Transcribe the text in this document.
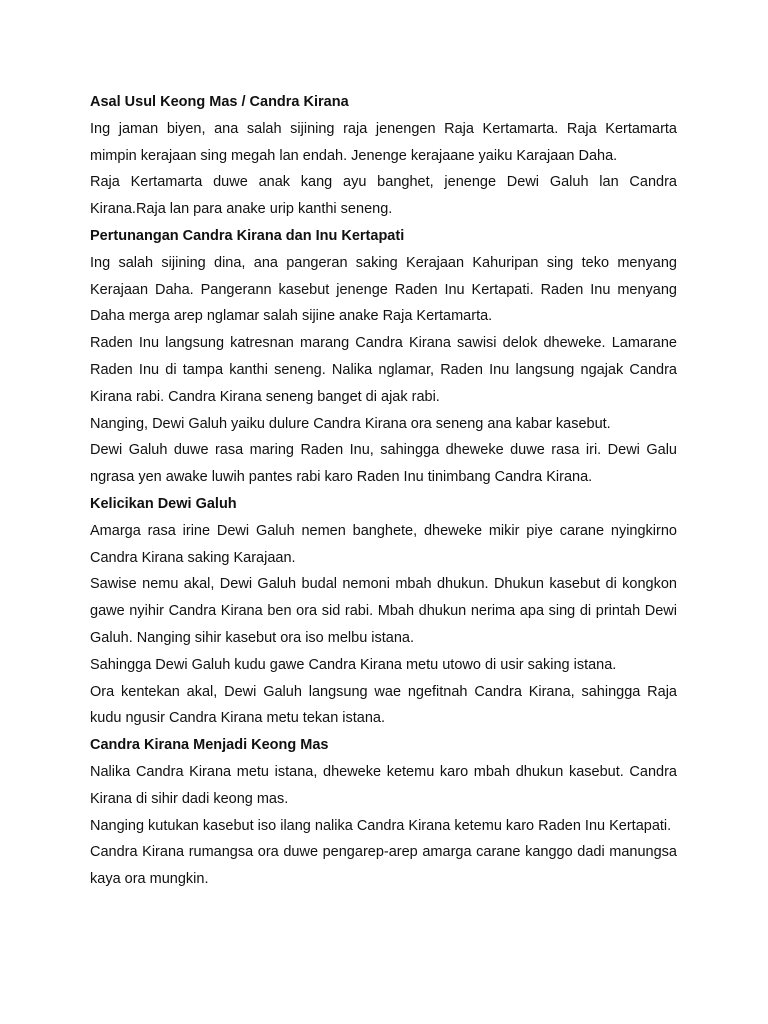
Asal Usul Keong Mas / Candra Kirana

Ing jaman biyen, ana salah sijining raja jenengen Raja Kertamarta. Raja Kertamarta mimpin kerajaan sing megah lan endah. Jenenge kerajaane yaiku Karajaan Daha.

Raja Kertamarta duwe anak kang ayu banghet, jenenge Dewi Galuh lan Candra Kirana.Raja lan para anake urip kanthi seneng.

Pertunangan Candra Kirana dan Inu Kertapati

Ing salah sijining dina, ana pangeran saking Kerajaan Kahuripan sing teko menyang Kerajaan Daha. Pangerann kasebut jenenge Raden Inu Kertapati. Raden Inu menyang Daha merga arep nglamar salah sijine anake Raja Kertamarta.

Raden Inu langsung katresnan marang Candra Kirana sawisi delok dheweke. Lamarane Raden Inu di tampa kanthi seneng. Nalika nglamar, Raden Inu langsung ngajak Candra Kirana rabi. Candra Kirana seneng banget di ajak rabi.

Nanging, Dewi Galuh yaiku dulure Candra Kirana ora seneng ana kabar kasebut.

Dewi Galuh duwe rasa maring Raden Inu, sahingga dheweke duwe rasa iri. Dewi Galu ngrasa yen awake luwih pantes rabi karo Raden Inu tinimbang Candra Kirana.

Kelicikan Dewi Galuh

Amarga rasa irine Dewi Galuh nemen banghete, dheweke mikir piye carane nyingkirno Candra Kirana saking Karajaan.

Sawise nemu akal, Dewi Galuh budal nemoni mbah dhukun. Dhukun kasebut di kongkon gawe nyihir Candra Kirana ben ora sid rabi. Mbah dhukun nerima apa sing di printah Dewi Galuh. Nanging sihir kasebut ora iso melbu istana.

Sahingga Dewi Galuh kudu gawe Candra Kirana metu utowo di usir saking istana.

Ora kentekan akal, Dewi Galuh langsung wae ngefitnah Candra Kirana, sahingga Raja kudu ngusir Candra Kirana metu tekan istana.

Candra Kirana Menjadi Keong Mas

Nalika Candra Kirana metu istana, dheweke ketemu karo mbah dhukun kasebut. Candra Kirana di sihir dadi keong mas.

Nanging kutukan kasebut iso ilang nalika Candra Kirana ketemu karo Raden Inu Kertapati.

Candra Kirana rumangsa ora duwe pengarep-arep amarga carane kanggo dadi manungsa kaya ora mungkin.
